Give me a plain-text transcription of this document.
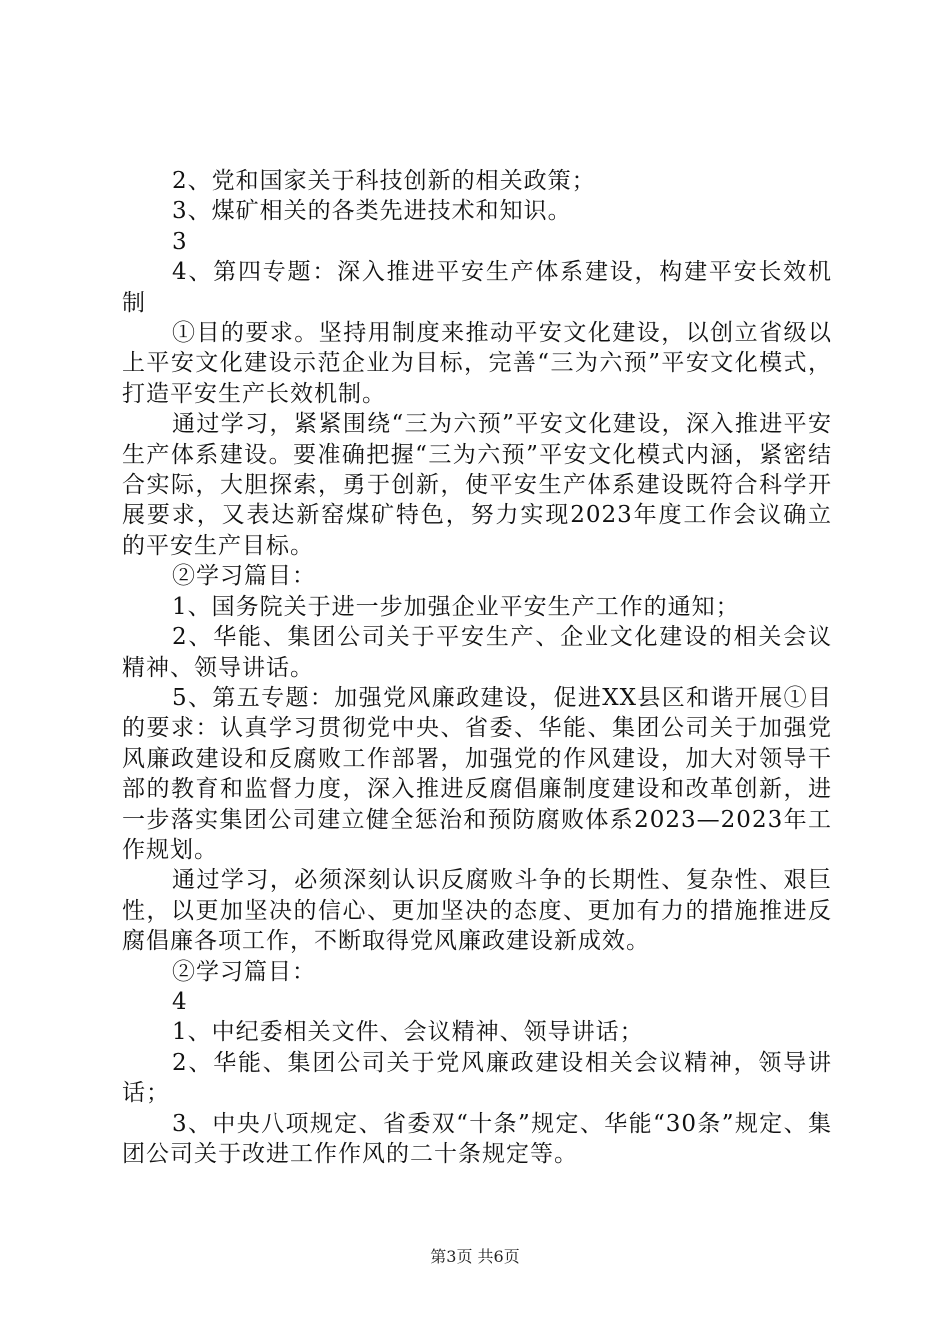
2、党和国家关于科技创新的相关政策；

3、煤矿相关的各类先进技术和知识。

3

4、第四专题：深入推进平安生产体系建设，构建平安长效机制

①目的要求。坚持用制度来推动平安文化建设，以创立省级以上平安文化建设示范企业为目标，完善“三为六预”平安文化模式，打造平安生产长效机制。

通过学习，紧紧围绕“三为六预”平安文化建设，深入推进平安生产体系建设。要准确把握“三为六预”平安文化模式内涵，紧密结合实际，大胆探索，勇于创新，使平安生产体系建设既符合科学开展要求，又表达新窑煤矿特色，努力实现2023年度工作会议确立的平安生产目标。

②学习篇目：

1、国务院关于进一步加强企业平安生产工作的通知；

2、华能、集团公司关于平安生产、企业文化建设的相关会议精神、领导讲话。

5、第五专题：加强党风廉政建设，促进XX县区和谐开展①目的要求：认真学习贯彻党中央、省委、华能、集团公司关于加强党风廉政建设和反腐败工作部署，加强党的作风建设，加大对领导干部的教育和监督力度，深入推进反腐倡廉制度建设和改革创新，进一步落实集团公司建立健全惩治和预防腐败体系2023—2023年工作规划。

通过学习，必须深刻认识反腐败斗争的长期性、复杂性、艰巨性，以更加坚决的信心、更加坚决的态度、更加有力的措施推进反腐倡廉各项工作，不断取得党风廉政建设新成效。

②学习篇目：

4

1、中纪委相关文件、会议精神、领导讲话；

2、华能、集团公司关于党风廉政建设相关会议精神，领导讲话；

3、中央八项规定、省委双“十条”规定、华能“30条”规定、集团公司关于改进工作作风的二十条规定等。

第3页 共6页
